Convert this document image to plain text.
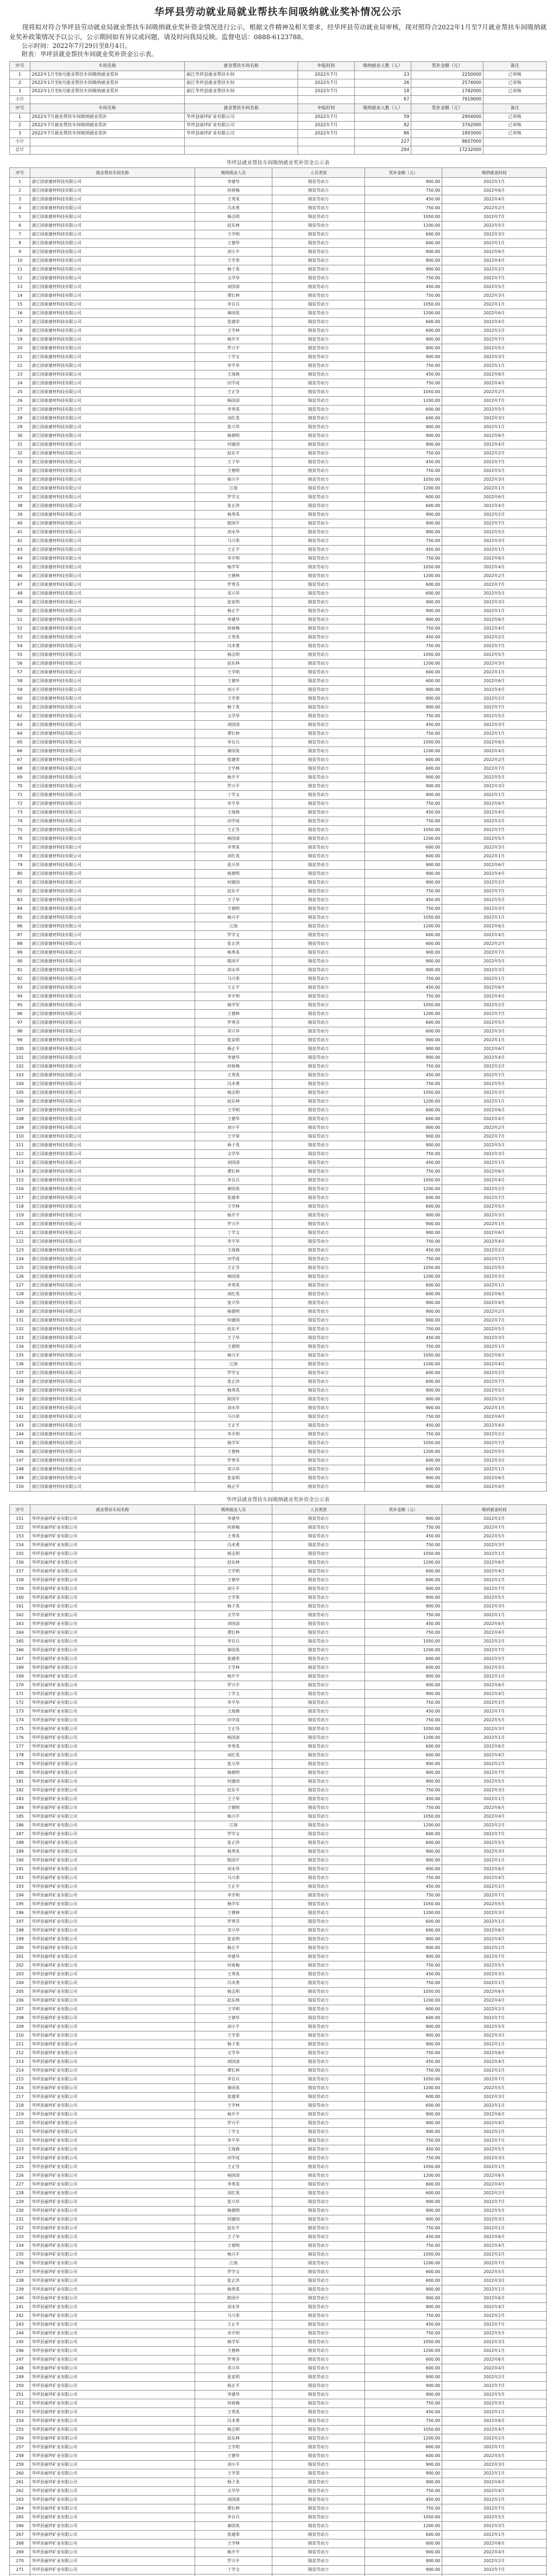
华坪县劳动就业局就业帮扶车间吸纳就业奖补情况公示

现将拟对符合华坪县劳动就业局就业帮扶车间吸纳就业奖补资金情况进行公示，根据文件精神及相关要求，经华坪县劳动就业局审核，现对照符合2022年1月至7月就业帮扶车间吸纳就业奖补政策情况予以公示，公示期间如有异议或问题，请及时向我局反映。监督电话：0888-6123788。

公示时间：2022年7月29日至8月4日。

附表：华坪县就业帮扶车间就业奖补资金公示表。

序号	车间名称	就业帮扶车间名称	申报时间	吸纳就业人数（人）	奖补金额（元）	备注
1	2022年1月至6月就业帮扶车间吸纳就业奖补	丽江华坪县就业帮扶车间	2022年7月	23	2250000	已审核
2	2022年1月至6月就业帮扶车间吸纳就业奖补	丽江华坪县就业帮扶车间	2022年7月	26	2574000	已审核
3	2022年1月至6月就业帮扶车间吸纳就业奖补	丽江华坪县就业帮扶车间	2022年7月	18	1782000	已审核
小计				67	7919000	
序号	车间名称	就业帮扶车间名称	申报时间	吸纳就业人数（人）	奖补金额（元）	备注
1	2022年7月就业帮扶车间吸纳就业奖补	华坪县丽坪矿业有限公司	2022年7月	59	2904000	已审核
2	2022年7月就业帮扶车间吸纳就业奖补	华坪县丽坪矿业有限公司	2022年7月	82	3762000	已审核
3	2022年7月就业帮扶车间吸纳就业奖补	华坪县丽坪矿业有限公司	2022年7月	86	1893000	已审核
小计				227	8607000	
总计				294	17232000	
华坪县就业帮扶车间吸纳就业奖补资金公示表
序号	就业帮扶车间名称	吸纳就业人员	人员类别	奖补金额（元）	吸纳就业时间
1	浙江国泰建材科技有限公司	李建华	脱贫劳动力	900.00	2022年1月
2	浙江国泰建材科技有限公司	何春梅	脱贫劳动力	750.00	2022年6月
3	浙江国泰建材科技有限公司	王秀英	脱贫劳动力	450.00	2022年4月
4	浙江国泰建材科技有限公司	冯术勇	脱贫劳动力	750.00	2022年2月
5	浙江国泰建材科技有限公司	杨志明	脱贫劳动力	1050.00	2022年7月
6	浙江国泰建材科技有限公司	赵东林	脱贫劳动力	1200.00	2022年5月
7	浙江国泰建材科技有限公司	王学明	脱贫劳动力	600.00	2022年3月
8	浙江国泰建材科技有限公司	王德华	脱贫劳动力	600.00	2022年1月
9	浙江国泰建材科技有限公司	刘小平	脱贫劳动力	900.00	2022年6月
10	浙江国泰建材科技有限公司	王学荣	脱贫劳动力	900.00	2022年4月
11	浙江国泰建材科技有限公司	杨子英	脱贫劳动力	900.00	2022年2月
12	浙江国泰建材科技有限公司	文学华	脱贫劳动力	750.00	2022年7月
13	浙江国泰建材科技有限公司	刘国清	脱贫劳动力	450.00	2022年5月
14	浙江国泰建材科技有限公司	谭长林	脱贫劳动力	750.00	2022年3月
15	浙江国泰建材科技有限公司	李自兵	脱贫劳动力	1050.00	2022年1月
16	浙江国泰建材科技有限公司	秦国英	脱贫劳动力	1200.00	2022年6月
17	浙江国泰建材科技有限公司	张建荣	脱贫劳动力	600.00	2022年4月
18	浙江国泰建材科技有限公司	王学林	脱贫劳动力	600.00	2022年2月
19	浙江国泰建材科技有限公司	杨开平	脱贫劳动力	900.00	2022年7月
20	浙江国泰建材科技有限公司	罗兴平	脱贫劳动力	900.00	2022年5月
21	浙江国泰建材科技有限公司	丁学文	脱贫劳动力	900.00	2022年3月
22	浙江国泰建材科技有限公司	李平华	脱贫劳动力	750.00	2022年1月
23	浙江国泰建材科技有限公司	王海燕	脱贫劳动力	450.00	2022年6月
24	浙江国泰建材科技有限公司	田学成	脱贫劳动力	750.00	2022年4月
25	浙江国泰建材科技有限公司	王正芬	脱贫劳动力	1050.00	2022年2月
26	浙江国泰建材科技有限公司	杨国清	脱贫劳动力	1200.00	2022年7月
27	浙江国泰建材科技有限公司	李秀英	脱贫劳动力	600.00	2022年5月
28	浙江国泰建材科技有限公司	刘红英	脱贫劳动力	600.00	2022年3月
29	浙江国泰建材科技有限公司	张兴华	脱贫劳动力	900.00	2022年1月
30	浙江国泰建材科技有限公司	杨德明	脱贫劳动力	900.00	2022年6月
31	浙江国泰建材科技有限公司	何建国	脱贫劳动力	900.00	2022年4月
32	浙江国泰建材科技有限公司	赵东平	脱贫劳动力	750.00	2022年2月
33	浙江国泰建材科技有限公司	王子华	脱贫劳动力	450.00	2022年7月
34	浙江国泰建材科技有限公司	王德明	脱贫劳动力	750.00	2022年5月
35	浙江国泰建材科技有限公司	杨兴平	脱贫劳动力	1050.00	2022年3月
36	浙江国泰建材科技有限公司	江海	脱贫劳动力	1200.00	2022年1月
37	浙江国泰建材科技有限公司	罗学文	脱贫劳动力	600.00	2022年6月
38	浙江国泰建材科技有限公司	张正洪	脱贫劳动力	600.00	2022年4月
39	浙江国泰建材科技有限公司	杨秀英	脱贫劳动力	900.00	2022年2月
40	浙江国泰建材科技有限公司	陈国平	脱贫劳动力	900.00	2022年7月
41	浙江国泰建材科技有限公司	刘永华	脱贫劳动力	900.00	2022年5月
42	浙江国泰建材科技有限公司	马兴荣	脱贫劳动力	750.00	2022年3月
43	浙江国泰建材科技有限公司	王正平	脱贫劳动力	450.00	2022年1月
44	浙江国泰建材科技有限公司	李开明	脱贫劳动力	750.00	2022年6月
45	浙江国泰建材科技有限公司	杨学军	脱贫劳动力	1050.00	2022年4月
46	浙江国泰建材科技有限公司	王德林	脱贫劳动力	1200.00	2022年2月
47	浙江国泰建材科技有限公司	罗秀芬	脱贫劳动力	600.00	2022年7月
48	浙江国泰建材科技有限公司	邓兴华	脱贫劳动力	600.00	2022年5月
49	浙江国泰建材科技有限公司	张家明	脱贫劳动力	900.00	2022年3月
50	浙江国泰建材科技有限公司	杨正平	脱贫劳动力	900.00	2022年1月
51	浙江国泰建材科技有限公司	李建华	脱贫劳动力	900.00	2022年6月
52	浙江国泰建材科技有限公司	何春梅	脱贫劳动力	750.00	2022年4月
53	浙江国泰建材科技有限公司	王秀英	脱贫劳动力	450.00	2022年2月
54	浙江国泰建材科技有限公司	冯术勇	脱贫劳动力	750.00	2022年7月
55	浙江国泰建材科技有限公司	杨志明	脱贫劳动力	1050.00	2022年5月
56	浙江国泰建材科技有限公司	赵东林	脱贫劳动力	1200.00	2022年3月
57	浙江国泰建材科技有限公司	王学明	脱贫劳动力	600.00	2022年1月
58	浙江国泰建材科技有限公司	王德华	脱贫劳动力	600.00	2022年6月
59	浙江国泰建材科技有限公司	刘小平	脱贫劳动力	900.00	2022年4月
60	浙江国泰建材科技有限公司	王学荣	脱贫劳动力	900.00	2022年2月
61	浙江国泰建材科技有限公司	杨子英	脱贫劳动力	900.00	2022年7月
62	浙江国泰建材科技有限公司	文学华	脱贫劳动力	750.00	2022年5月
63	浙江国泰建材科技有限公司	刘国清	脱贫劳动力	450.00	2022年3月
64	浙江国泰建材科技有限公司	谭长林	脱贫劳动力	750.00	2022年1月
65	浙江国泰建材科技有限公司	李自兵	脱贫劳动力	1050.00	2022年6月
66	浙江国泰建材科技有限公司	秦国英	脱贫劳动力	1200.00	2022年4月
67	浙江国泰建材科技有限公司	张建荣	脱贫劳动力	600.00	2022年2月
68	浙江国泰建材科技有限公司	王学林	脱贫劳动力	600.00	2022年7月
69	浙江国泰建材科技有限公司	杨开平	脱贫劳动力	900.00	2022年5月
70	浙江国泰建材科技有限公司	罗兴平	脱贫劳动力	900.00	2022年3月
71	浙江国泰建材科技有限公司	丁学文	脱贫劳动力	900.00	2022年1月
72	浙江国泰建材科技有限公司	李平华	脱贫劳动力	750.00	2022年6月
73	浙江国泰建材科技有限公司	王海燕	脱贫劳动力	450.00	2022年4月
74	浙江国泰建材科技有限公司	田学成	脱贫劳动力	750.00	2022年2月
75	浙江国泰建材科技有限公司	王正芬	脱贫劳动力	1050.00	2022年7月
76	浙江国泰建材科技有限公司	杨国清	脱贫劳动力	1200.00	2022年5月
77	浙江国泰建材科技有限公司	李秀英	脱贫劳动力	600.00	2022年3月
78	浙江国泰建材科技有限公司	刘红英	脱贫劳动力	600.00	2022年1月
79	浙江国泰建材科技有限公司	张兴华	脱贫劳动力	900.00	2022年6月
80	浙江国泰建材科技有限公司	杨德明	脱贫劳动力	900.00	2022年4月
81	浙江国泰建材科技有限公司	何建国	脱贫劳动力	900.00	2022年2月
82	浙江国泰建材科技有限公司	赵东平	脱贫劳动力	750.00	2022年7月
83	浙江国泰建材科技有限公司	王子华	脱贫劳动力	450.00	2022年5月
84	浙江国泰建材科技有限公司	王德明	脱贫劳动力	750.00	2022年3月
85	浙江国泰建材科技有限公司	杨兴平	脱贫劳动力	1050.00	2022年1月
86	浙江国泰建材科技有限公司	江海	脱贫劳动力	1200.00	2022年6月
87	浙江国泰建材科技有限公司	罗学文	脱贫劳动力	600.00	2022年4月
88	浙江国泰建材科技有限公司	张正洪	脱贫劳动力	600.00	2022年2月
89	浙江国泰建材科技有限公司	杨秀英	脱贫劳动力	900.00	2022年7月
90	浙江国泰建材科技有限公司	陈国平	脱贫劳动力	900.00	2022年5月
91	浙江国泰建材科技有限公司	刘永华	脱贫劳动力	900.00	2022年3月
92	浙江国泰建材科技有限公司	马兴荣	脱贫劳动力	750.00	2022年1月
93	浙江国泰建材科技有限公司	王正平	脱贫劳动力	450.00	2022年6月
94	浙江国泰建材科技有限公司	李开明	脱贫劳动力	750.00	2022年4月
95	浙江国泰建材科技有限公司	杨学军	脱贫劳动力	1050.00	2022年2月
96	浙江国泰建材科技有限公司	王德林	脱贫劳动力	1200.00	2022年7月
97	浙江国泰建材科技有限公司	罗秀芬	脱贫劳动力	600.00	2022年5月
98	浙江国泰建材科技有限公司	邓兴华	脱贫劳动力	600.00	2022年3月
99	浙江国泰建材科技有限公司	张家明	脱贫劳动力	900.00	2022年1月
100	浙江国泰建材科技有限公司	杨正平	脱贫劳动力	900.00	2022年6月
101	浙江国泰建材科技有限公司	李建华	脱贫劳动力	900.00	2022年4月
102	浙江国泰建材科技有限公司	何春梅	脱贫劳动力	750.00	2022年2月
103	浙江国泰建材科技有限公司	王秀英	脱贫劳动力	450.00	2022年7月
104	浙江国泰建材科技有限公司	冯术勇	脱贫劳动力	750.00	2022年5月
105	浙江国泰建材科技有限公司	杨志明	脱贫劳动力	1050.00	2022年3月
106	浙江国泰建材科技有限公司	赵东林	脱贫劳动力	1200.00	2022年1月
107	浙江国泰建材科技有限公司	王学明	脱贫劳动力	600.00	2022年6月
108	浙江国泰建材科技有限公司	王德华	脱贫劳动力	600.00	2022年4月
109	浙江国泰建材科技有限公司	刘小平	脱贫劳动力	900.00	2022年2月
110	浙江国泰建材科技有限公司	王学荣	脱贫劳动力	900.00	2022年7月
111	浙江国泰建材科技有限公司	杨子英	脱贫劳动力	900.00	2022年5月
112	浙江国泰建材科技有限公司	文学华	脱贫劳动力	750.00	2022年3月
113	浙江国泰建材科技有限公司	刘国清	脱贫劳动力	450.00	2022年1月
114	浙江国泰建材科技有限公司	谭长林	脱贫劳动力	750.00	2022年6月
115	浙江国泰建材科技有限公司	李自兵	脱贫劳动力	1050.00	2022年4月
116	浙江国泰建材科技有限公司	秦国英	脱贫劳动力	1200.00	2022年2月
117	浙江国泰建材科技有限公司	张建荣	脱贫劳动力	600.00	2022年7月
118	浙江国泰建材科技有限公司	王学林	脱贫劳动力	600.00	2022年5月
119	浙江国泰建材科技有限公司	杨开平	脱贫劳动力	900.00	2022年3月
120	浙江国泰建材科技有限公司	罗兴平	脱贫劳动力	900.00	2022年1月
121	浙江国泰建材科技有限公司	丁学文	脱贫劳动力	900.00	2022年6月
122	浙江国泰建材科技有限公司	李平华	脱贫劳动力	750.00	2022年4月
123	浙江国泰建材科技有限公司	王海燕	脱贫劳动力	450.00	2022年2月
124	浙江国泰建材科技有限公司	田学成	脱贫劳动力	750.00	2022年7月
125	浙江国泰建材科技有限公司	王正芬	脱贫劳动力	1050.00	2022年5月
126	浙江国泰建材科技有限公司	杨国清	脱贫劳动力	1200.00	2022年3月
127	浙江国泰建材科技有限公司	李秀英	脱贫劳动力	600.00	2022年1月
128	浙江国泰建材科技有限公司	刘红英	脱贫劳动力	600.00	2022年6月
129	浙江国泰建材科技有限公司	张兴华	脱贫劳动力	900.00	2022年4月
130	浙江国泰建材科技有限公司	杨德明	脱贫劳动力	900.00	2022年2月
131	浙江国泰建材科技有限公司	何建国	脱贫劳动力	900.00	2022年7月
132	浙江国泰建材科技有限公司	赵东平	脱贫劳动力	750.00	2022年5月
133	浙江国泰建材科技有限公司	王子华	脱贫劳动力	450.00	2022年3月
134	浙江国泰建材科技有限公司	王德明	脱贫劳动力	750.00	2022年1月
135	浙江国泰建材科技有限公司	杨兴平	脱贫劳动力	1050.00	2022年6月
136	浙江国泰建材科技有限公司	江海	脱贫劳动力	1200.00	2022年4月
137	浙江国泰建材科技有限公司	罗学文	脱贫劳动力	600.00	2022年2月
138	浙江国泰建材科技有限公司	张正洪	脱贫劳动力	600.00	2022年7月
139	浙江国泰建材科技有限公司	杨秀英	脱贫劳动力	900.00	2022年5月
140	浙江国泰建材科技有限公司	陈国平	脱贫劳动力	900.00	2022年3月
141	浙江国泰建材科技有限公司	刘永华	脱贫劳动力	900.00	2022年1月
142	浙江国泰建材科技有限公司	马兴荣	脱贫劳动力	750.00	2022年6月
143	浙江国泰建材科技有限公司	王正平	脱贫劳动力	450.00	2022年4月
144	浙江国泰建材科技有限公司	李开明	脱贫劳动力	750.00	2022年2月
145	浙江国泰建材科技有限公司	杨学军	脱贫劳动力	1050.00	2022年7月
146	浙江国泰建材科技有限公司	王德林	脱贫劳动力	1200.00	2022年5月
147	浙江国泰建材科技有限公司	罗秀芬	脱贫劳动力	600.00	2022年3月
148	浙江国泰建材科技有限公司	邓兴华	脱贫劳动力	600.00	2022年1月
149	浙江国泰建材科技有限公司	张家明	脱贫劳动力	900.00	2022年6月
150	浙江国泰建材科技有限公司	杨正平	脱贫劳动力	900.00	2022年4月
华坪县就业帮扶车间吸纳就业奖补资金公示表
序号	就业帮扶车间名称	吸纳就业人员	人员类别	奖补金额（元）	吸纳就业时间
151	华坪县丽坪矿业有限公司	李建华	脱贫劳动力	900.00	2022年2月
152	华坪县丽坪矿业有限公司	何春梅	脱贫劳动力	750.00	2022年7月
153	华坪县丽坪矿业有限公司	王秀英	脱贫劳动力	450.00	2022年5月
154	华坪县丽坪矿业有限公司	冯术勇	脱贫劳动力	750.00	2022年3月
155	华坪县丽坪矿业有限公司	杨志明	脱贫劳动力	1050.00	2022年1月
156	华坪县丽坪矿业有限公司	赵东林	脱贫劳动力	1200.00	2022年6月
157	华坪县丽坪矿业有限公司	王学明	脱贫劳动力	600.00	2022年4月
158	华坪县丽坪矿业有限公司	王德华	脱贫劳动力	600.00	2022年2月
159	华坪县丽坪矿业有限公司	刘小平	脱贫劳动力	900.00	2022年7月
160	华坪县丽坪矿业有限公司	王学荣	脱贫劳动力	900.00	2022年5月
161	华坪县丽坪矿业有限公司	杨子英	脱贫劳动力	900.00	2022年3月
162	华坪县丽坪矿业有限公司	文学华	脱贫劳动力	750.00	2022年1月
163	华坪县丽坪矿业有限公司	刘国清	脱贫劳动力	450.00	2022年6月
164	华坪县丽坪矿业有限公司	谭长林	脱贫劳动力	750.00	2022年4月
165	华坪县丽坪矿业有限公司	李自兵	脱贫劳动力	1050.00	2022年2月
166	华坪县丽坪矿业有限公司	秦国英	脱贫劳动力	1200.00	2022年7月
167	华坪县丽坪矿业有限公司	张建荣	脱贫劳动力	600.00	2022年5月
168	华坪县丽坪矿业有限公司	王学林	脱贫劳动力	600.00	2022年3月
169	华坪县丽坪矿业有限公司	杨开平	脱贫劳动力	900.00	2022年1月
170	华坪县丽坪矿业有限公司	罗兴平	脱贫劳动力	900.00	2022年6月
171	华坪县丽坪矿业有限公司	丁学文	脱贫劳动力	900.00	2022年4月
172	华坪县丽坪矿业有限公司	李平华	脱贫劳动力	750.00	2022年2月
173	华坪县丽坪矿业有限公司	王海燕	脱贫劳动力	450.00	2022年7月
174	华坪县丽坪矿业有限公司	田学成	脱贫劳动力	750.00	2022年5月
175	华坪县丽坪矿业有限公司	王正芬	脱贫劳动力	1050.00	2022年3月
176	华坪县丽坪矿业有限公司	杨国清	脱贫劳动力	1200.00	2022年1月
177	华坪县丽坪矿业有限公司	李秀英	脱贫劳动力	600.00	2022年6月
178	华坪县丽坪矿业有限公司	刘红英	脱贫劳动力	600.00	2022年4月
179	华坪县丽坪矿业有限公司	张兴华	脱贫劳动力	900.00	2022年2月
180	华坪县丽坪矿业有限公司	杨德明	脱贫劳动力	900.00	2022年7月
181	华坪县丽坪矿业有限公司	何建国	脱贫劳动力	900.00	2022年5月
182	华坪县丽坪矿业有限公司	赵东平	脱贫劳动力	750.00	2022年3月
183	华坪县丽坪矿业有限公司	王子华	脱贫劳动力	450.00	2022年1月
184	华坪县丽坪矿业有限公司	王德明	脱贫劳动力	750.00	2022年6月
185	华坪县丽坪矿业有限公司	杨兴平	脱贫劳动力	1050.00	2022年4月
186	华坪县丽坪矿业有限公司	江海	脱贫劳动力	1200.00	2022年2月
187	华坪县丽坪矿业有限公司	罗学文	脱贫劳动力	600.00	2022年7月
188	华坪县丽坪矿业有限公司	张正洪	脱贫劳动力	600.00	2022年5月
189	华坪县丽坪矿业有限公司	杨秀英	脱贫劳动力	900.00	2022年3月
190	华坪县丽坪矿业有限公司	陈国平	脱贫劳动力	900.00	2022年1月
191	华坪县丽坪矿业有限公司	刘永华	脱贫劳动力	900.00	2022年6月
192	华坪县丽坪矿业有限公司	马兴荣	脱贫劳动力	750.00	2022年4月
193	华坪县丽坪矿业有限公司	王正平	脱贫劳动力	450.00	2022年2月
194	华坪县丽坪矿业有限公司	李开明	脱贫劳动力	750.00	2022年7月
195	华坪县丽坪矿业有限公司	杨学军	脱贫劳动力	1050.00	2022年5月
196	华坪县丽坪矿业有限公司	王德林	脱贫劳动力	1200.00	2022年3月
197	华坪县丽坪矿业有限公司	罗秀芬	脱贫劳动力	600.00	2022年1月
198	华坪县丽坪矿业有限公司	邓兴华	脱贫劳动力	600.00	2022年6月
199	华坪县丽坪矿业有限公司	张家明	脱贫劳动力	900.00	2022年4月
200	华坪县丽坪矿业有限公司	杨正平	脱贫劳动力	900.00	2022年2月
201	华坪县丽坪矿业有限公司	李建华	脱贫劳动力	900.00	2022年7月
202	华坪县丽坪矿业有限公司	何春梅	脱贫劳动力	750.00	2022年5月
203	华坪县丽坪矿业有限公司	王秀英	脱贫劳动力	450.00	2022年3月
204	华坪县丽坪矿业有限公司	冯术勇	脱贫劳动力	750.00	2022年1月
205	华坪县丽坪矿业有限公司	杨志明	脱贫劳动力	1050.00	2022年6月
206	华坪县丽坪矿业有限公司	赵东林	脱贫劳动力	1200.00	2022年4月
207	华坪县丽坪矿业有限公司	王学明	脱贫劳动力	600.00	2022年2月
208	华坪县丽坪矿业有限公司	王德华	脱贫劳动力	600.00	2022年7月
209	华坪县丽坪矿业有限公司	刘小平	脱贫劳动力	900.00	2022年5月
210	华坪县丽坪矿业有限公司	王学荣	脱贫劳动力	900.00	2022年3月
211	华坪县丽坪矿业有限公司	杨子英	脱贫劳动力	900.00	2022年1月
212	华坪县丽坪矿业有限公司	文学华	脱贫劳动力	750.00	2022年6月
213	华坪县丽坪矿业有限公司	刘国清	脱贫劳动力	450.00	2022年4月
214	华坪县丽坪矿业有限公司	谭长林	脱贫劳动力	750.00	2022年2月
215	华坪县丽坪矿业有限公司	李自兵	脱贫劳动力	1050.00	2022年7月
216	华坪县丽坪矿业有限公司	秦国英	脱贫劳动力	1200.00	2022年5月
217	华坪县丽坪矿业有限公司	张建荣	脱贫劳动力	600.00	2022年3月
218	华坪县丽坪矿业有限公司	王学林	脱贫劳动力	600.00	2022年1月
219	华坪县丽坪矿业有限公司	杨开平	脱贫劳动力	900.00	2022年6月
220	华坪县丽坪矿业有限公司	罗兴平	脱贫劳动力	900.00	2022年4月
221	华坪县丽坪矿业有限公司	丁学文	脱贫劳动力	900.00	2022年2月
222	华坪县丽坪矿业有限公司	李平华	脱贫劳动力	750.00	2022年7月
223	华坪县丽坪矿业有限公司	王海燕	脱贫劳动力	450.00	2022年5月
224	华坪县丽坪矿业有限公司	田学成	脱贫劳动力	750.00	2022年3月
225	华坪县丽坪矿业有限公司	王正芬	脱贫劳动力	1050.00	2022年1月
226	华坪县丽坪矿业有限公司	杨国清	脱贫劳动力	1200.00	2022年6月
227	华坪县丽坪矿业有限公司	李秀英	脱贫劳动力	600.00	2022年4月
228	华坪县丽坪矿业有限公司	刘红英	脱贫劳动力	600.00	2022年2月
229	华坪县丽坪矿业有限公司	张兴华	脱贫劳动力	900.00	2022年7月
230	华坪县丽坪矿业有限公司	杨德明	脱贫劳动力	900.00	2022年5月
231	华坪县丽坪矿业有限公司	何建国	脱贫劳动力	900.00	2022年3月
232	华坪县丽坪矿业有限公司	赵东平	脱贫劳动力	750.00	2022年1月
233	华坪县丽坪矿业有限公司	王子华	脱贫劳动力	450.00	2022年6月
234	华坪县丽坪矿业有限公司	王德明	脱贫劳动力	750.00	2022年4月
235	华坪县丽坪矿业有限公司	杨兴平	脱贫劳动力	1050.00	2022年2月
236	华坪县丽坪矿业有限公司	江海	脱贫劳动力	1200.00	2022年7月
237	华坪县丽坪矿业有限公司	罗学文	脱贫劳动力	600.00	2022年5月
238	华坪县丽坪矿业有限公司	张正洪	脱贫劳动力	600.00	2022年3月
239	华坪县丽坪矿业有限公司	杨秀英	脱贫劳动力	900.00	2022年1月
240	华坪县丽坪矿业有限公司	陈国平	脱贫劳动力	900.00	2022年6月
241	华坪县丽坪矿业有限公司	刘永华	脱贫劳动力	900.00	2022年4月
242	华坪县丽坪矿业有限公司	马兴荣	脱贫劳动力	750.00	2022年2月
243	华坪县丽坪矿业有限公司	王正平	脱贫劳动力	450.00	2022年7月
244	华坪县丽坪矿业有限公司	李开明	脱贫劳动力	750.00	2022年5月
245	华坪县丽坪矿业有限公司	杨学军	脱贫劳动力	1050.00	2022年3月
246	华坪县丽坪矿业有限公司	王德林	脱贫劳动力	1200.00	2022年1月
247	华坪县丽坪矿业有限公司	罗秀芬	脱贫劳动力	600.00	2022年6月
248	华坪县丽坪矿业有限公司	邓兴华	脱贫劳动力	600.00	2022年4月
249	华坪县丽坪矿业有限公司	张家明	脱贫劳动力	900.00	2022年2月
250	华坪县丽坪矿业有限公司	杨正平	脱贫劳动力	900.00	2022年7月
251	华坪县丽坪矿业有限公司	李建华	脱贫劳动力	900.00	2022年5月
252	华坪县丽坪矿业有限公司	何春梅	脱贫劳动力	750.00	2022年3月
253	华坪县丽坪矿业有限公司	王秀英	脱贫劳动力	450.00	2022年1月
254	华坪县丽坪矿业有限公司	冯术勇	脱贫劳动力	750.00	2022年6月
255	华坪县丽坪矿业有限公司	杨志明	脱贫劳动力	1050.00	2022年4月
256	华坪县丽坪矿业有限公司	赵东林	脱贫劳动力	1200.00	2022年2月
257	华坪县丽坪矿业有限公司	王学明	脱贫劳动力	600.00	2022年7月
258	华坪县丽坪矿业有限公司	王德华	脱贫劳动力	600.00	2022年5月
259	华坪县丽坪矿业有限公司	刘小平	脱贫劳动力	900.00	2022年3月
260	华坪县丽坪矿业有限公司	王学荣	脱贫劳动力	900.00	2022年1月
261	华坪县丽坪矿业有限公司	杨子英	脱贫劳动力	900.00	2022年6月
262	华坪县丽坪矿业有限公司	文学华	脱贫劳动力	750.00	2022年4月
263	华坪县丽坪矿业有限公司	刘国清	脱贫劳动力	450.00	2022年2月
264	华坪县丽坪矿业有限公司	谭长林	脱贫劳动力	750.00	2022年7月
265	华坪县丽坪矿业有限公司	李自兵	脱贫劳动力	1050.00	2022年5月
266	华坪县丽坪矿业有限公司	秦国英	脱贫劳动力	1200.00	2022年3月
267	华坪县丽坪矿业有限公司	张建荣	脱贫劳动力	600.00	2022年1月
268	华坪县丽坪矿业有限公司	王学林	脱贫劳动力	600.00	2022年6月
269	华坪县丽坪矿业有限公司	杨开平	脱贫劳动力	900.00	2022年4月
270	华坪县丽坪矿业有限公司	罗兴平	脱贫劳动力	900.00	2022年2月
271	华坪县丽坪矿业有限公司	丁学文	脱贫劳动力	900.00	2022年7月
